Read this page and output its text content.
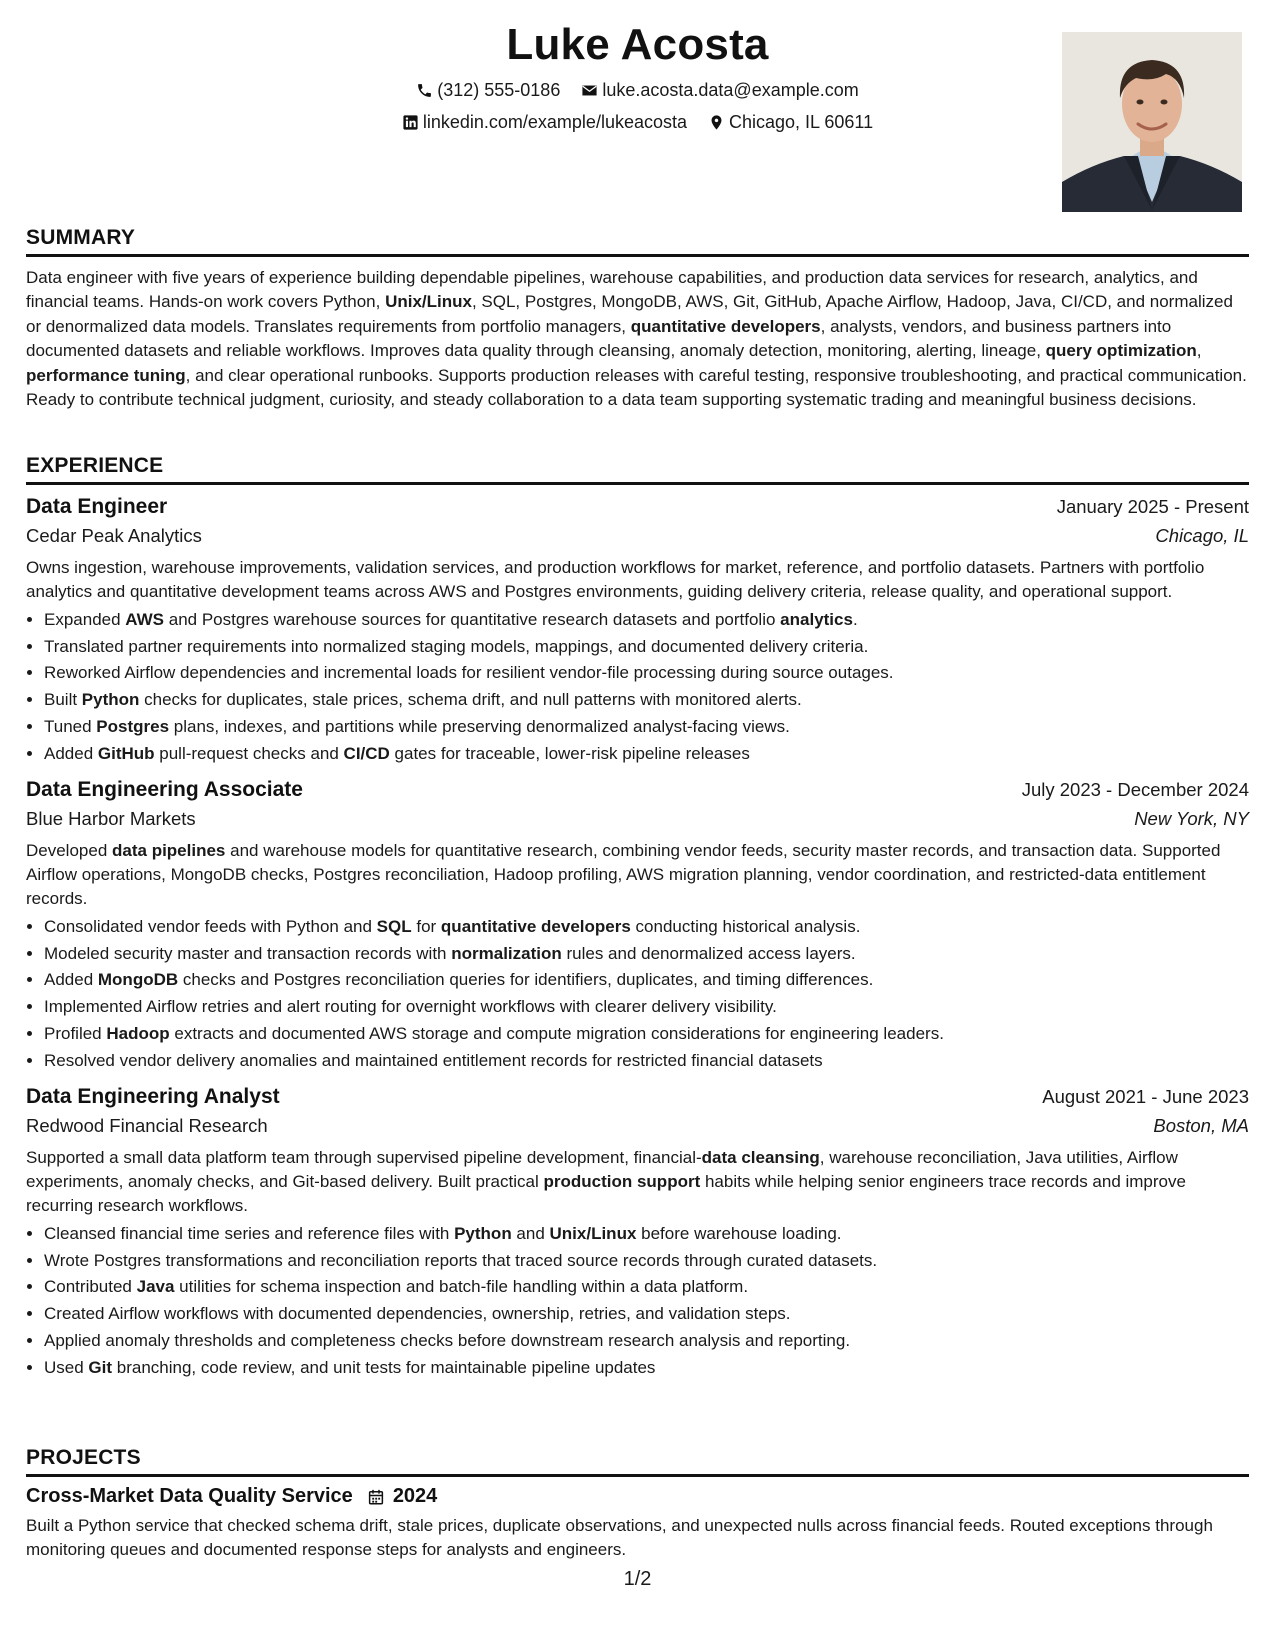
Luke Acosta
(312) 555-0186
luke.acosta.data@example.com
linkedin.com/example/lukeacosta
Chicago, IL 60611
SUMMARY

Data engineer with five years of experience building dependable pipelines, warehouse capabilities, and production data services for research, analytics, and financial teams. Hands-on work covers Python, Unix/Linux, SQL, Postgres, MongoDB, AWS, Git, GitHub, Apache Airflow, Hadoop, Java, CI/CD, and normalized or denormalized data models. Translates requirements from portfolio managers, quantitative developers, analysts, vendors, and business partners into documented datasets and reliable workflows. Improves data quality through cleansing, anomaly detection, monitoring, alerting, lineage, query optimization, performance tuning, and clear operational runbooks. Supports production releases with careful testing, responsive troubleshooting, and practical communication. Ready to contribute technical judgment, curiosity, and steady collaboration to a data team supporting systematic trading and meaningful business decisions.

EXPERIENCE
Data Engineer	January 2025 - Present
Cedar Peak Analytics	Chicago, IL

Owns ingestion, warehouse improvements, validation services, and production workflows for market, reference, and portfolio datasets. Partners with portfolio analytics and quantitative development teams across AWS and Postgres environments, guiding delivery criteria, release quality, and operational support.

• Expanded AWS and Postgres warehouse sources for quantitative research datasets and portfolio analytics.
• Translated partner requirements into normalized staging models, mappings, and documented delivery criteria.
• Reworked Airflow dependencies and incremental loads for resilient vendor-file processing during source outages.
• Built Python checks for duplicates, stale prices, schema drift, and null patterns with monitored alerts.
• Tuned Postgres plans, indexes, and partitions while preserving denormalized analyst-facing views.
• Added GitHub pull-request checks and CI/CD gates for traceable, lower-risk pipeline releases
Data Engineering Associate	July 2023 - December 2024
Blue Harbor Markets	New York, NY

Developed data pipelines and warehouse models for quantitative research, combining vendor feeds, security master records, and transaction data. Supported Airflow operations, MongoDB checks, Postgres reconciliation, Hadoop profiling, AWS migration planning, vendor coordination, and restricted-data entitlement records.

• Consolidated vendor feeds with Python and SQL for quantitative developers conducting historical analysis.
• Modeled security master and transaction records with normalization rules and denormalized access layers.
• Added MongoDB checks and Postgres reconciliation queries for identifiers, duplicates, and timing differences.
• Implemented Airflow retries and alert routing for overnight workflows with clearer delivery visibility.
• Profiled Hadoop extracts and documented AWS storage and compute migration considerations for engineering leaders.
• Resolved vendor delivery anomalies and maintained entitlement records for restricted financial datasets
Data Engineering Analyst	August 2021 - June 2023
Redwood Financial Research	Boston, MA

Supported a small data platform team through supervised pipeline development, financial-data cleansing, warehouse reconciliation, Java utilities, Airflow experiments, anomaly checks, and Git-based delivery. Built practical production support habits while helping senior engineers trace records and improve recurring research workflows.

• Cleansed financial time series and reference files with Python and Unix/Linux before warehouse loading.
• Wrote Postgres transformations and reconciliation reports that traced source records through curated datasets.
• Contributed Java utilities for schema inspection and batch-file handling within a data platform.
• Created Airflow workflows with documented dependencies, ownership, retries, and validation steps.
• Applied anomaly thresholds and completeness checks before downstream research analysis and reporting.
• Used Git branching, code review, and unit tests for maintainable pipeline updates
PROJECTS
Cross-Market Data Quality Service 2024

Built a Python service that checked schema drift, stale prices, duplicate observations, and unexpected nulls across financial feeds. Routed exceptions through monitoring queues and documented response steps for analysts and engineers.

1/2
